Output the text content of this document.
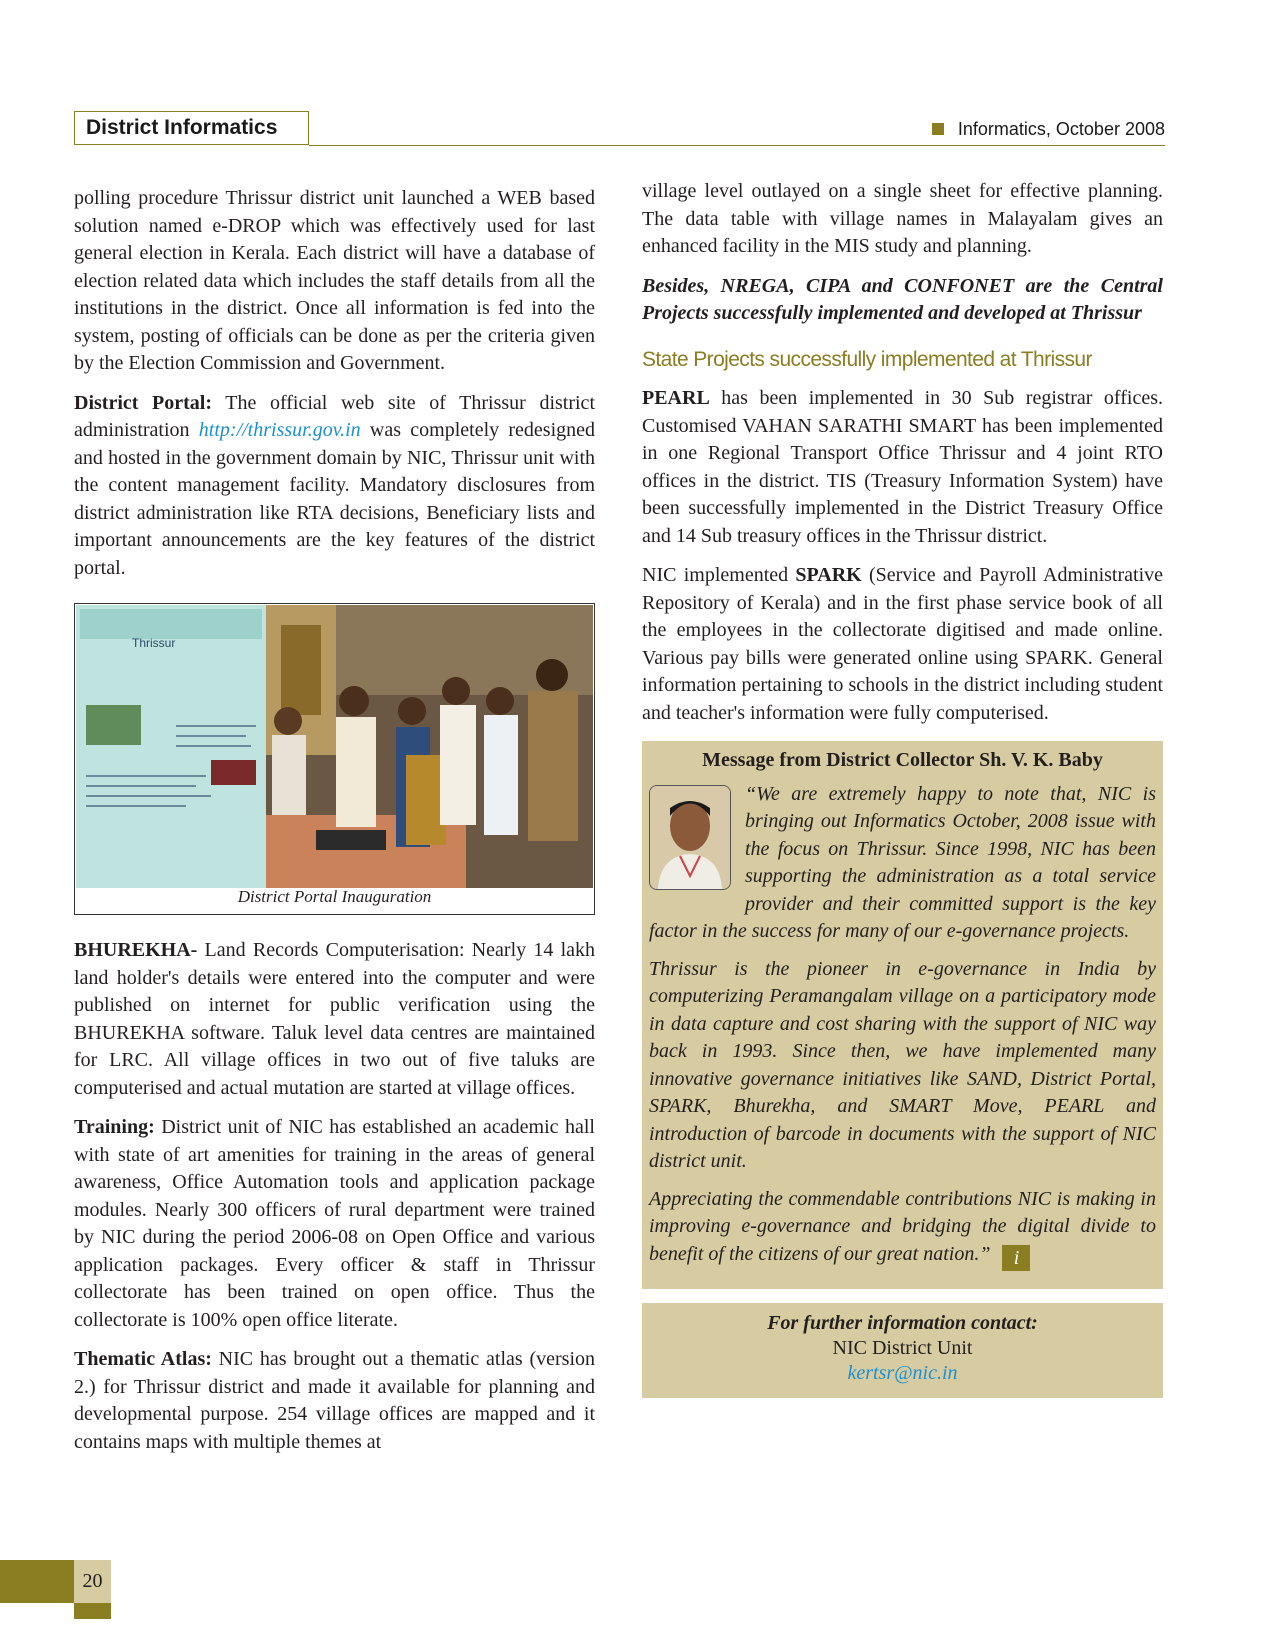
District Informatics	Informatics, October 2008

polling procedure Thrissur district unit launched a WEB based solution named e-DROP which was effectively used for last general election in Kerala. Each district will have a database of election related data which includes the staff details from all the institutions in the district. Once all information is fed into the system, posting of officials can be done as per the criteria given by the Election Commission and Government.

District Portal: The official web site of Thrissur district administration http://thrissur.gov.in was completely redesigned and hosted in the government domain by NIC, Thrissur unit with the content management facility. Mandatory disclosures from district administration like RTA decisions, Beneficiary lists and important announcements are the key features of the district portal.

Thrissur
District Portal Inauguration

BHUREKHA- Land Records Computerisation: Nearly 14 lakh land holder's details were entered into the computer and were published on internet for public verification using the BHUREKHA software. Taluk level data centres are maintained for LRC. All village offices in two out of five taluks are computerised and actual mutation are started at village offices.

Training: District unit of NIC has established an academic hall with state of art amenities for training in the areas of general awareness, Office Automation tools and application package modules. Nearly 300 officers of rural department were trained by NIC during the period 2006-08 on Open Office and various application packages. Every officer & staff in Thrissur collectorate has been trained on open office. Thus the collectorate is 100% open office literate.

Thematic Atlas: NIC has brought out a thematic atlas (version 2.) for Thrissur district and made it available for planning and developmental purpose. 254 village offices are mapped and it contains maps with multiple themes at

village level outlayed on a single sheet for effective planning. The data table with village names in Malayalam gives an enhanced facility in the MIS study and planning.

Besides, NREGA, CIPA and CONFONET are the Central Projects successfully implemented and developed at Thrissur

State Projects successfully implemented at Thrissur

PEARL has been implemented in 30 Sub registrar offices. Customised VAHAN SARATHI SMART has been implemented in one Regional Transport Office Thrissur and 4 joint RTO offices in the district. TIS (Treasury Information System) have been successfully implemented in the District Treasury Office and 14 Sub treasury offices in the Thrissur district.

NIC implemented SPARK (Service and Payroll Administrative Repository of Kerala) and in the first phase service book of all the employees in the collectorate digitised and made online. Various pay bills were generated online using SPARK. General information pertaining to schools in the district including student and teacher's information were fully computerised.

Message from District Collector Sh. V. K. Baby

“We are extremely happy to note that, NIC is bringing out Informatics October, 2008 issue with the focus on Thrissur. Since 1998, NIC has been supporting the administration as a total service provider and their committed support is the key factor in the success for many of our e-governance projects.

Thrissur is the pioneer in e-governance in India by computerizing Peramangalam village on a participatory mode in data capture and cost sharing with the support of NIC way back in 1993. Since then, we have implemented many innovative governance initiatives like SAND, District Portal, SPARK, Bhurekha, and SMART Move, PEARL and introduction of barcode in documents with the support of NIC district unit.

Appreciating the commendable contributions NIC is making in improving e-governance and bridging the digital divide to benefit of the citizens of our great nation.” i

For further information contact:
NIC District Unit
kertsr@nic.in
20
